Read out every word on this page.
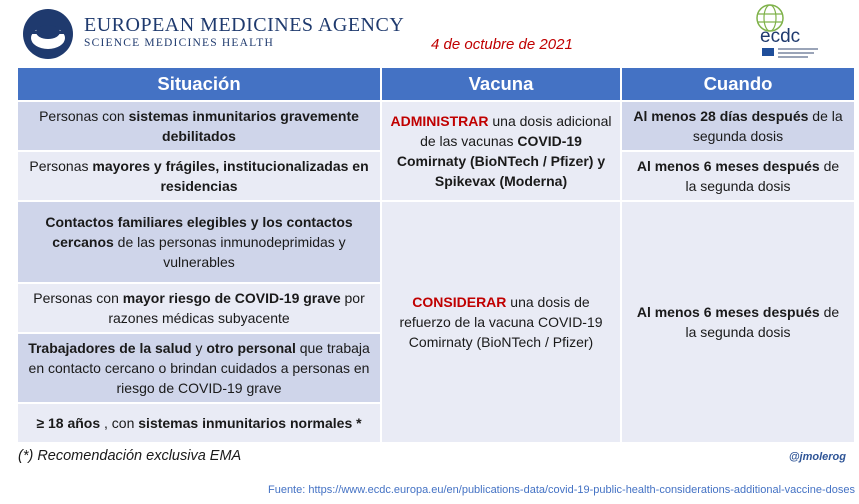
EUROPEAN MEDICINES AGENCY
SCIENCE MEDICINES HEALTH	4 de octubre de 2021	ecdc
Situación	Vacuna	Cuando
Personas con sistemas inmunitarios gravemente debilitados	ADMINISTRAR una dosis adicional de las vacunas COVID-19 Comirnaty (BioNTech / Pfizer) y Spikevax (Moderna)	Al menos 28 días después de la segunda dosis
Personas mayores y frágiles, institucionalizadas en residencias		Al menos 6 meses después de la segunda dosis
Contactos familiares elegibles y los contactos cercanos de las personas inmunodeprimidas y vulnerables	CONSIDERAR una dosis de refuerzo de la vacuna COVID-19 Comirnaty (BioNTech / Pfizer)	Al menos 6 meses después de la segunda dosis
Personas con mayor riesgo de COVID-19 grave por razones médicas subyacente		
Trabajadores de la salud y otro personal que trabaja en contacto cercano o brindan cuidados a personas en riesgo de COVID-19 grave		
≥ 18 años , con sistemas inmunitarios normales *		
(*) Recomendación exclusiva EMA	@jmolerog
Fuente: https://www.ecdc.europa.eu/en/publications-data/covid-19-public-health-considerations-additional-vaccine-doses
